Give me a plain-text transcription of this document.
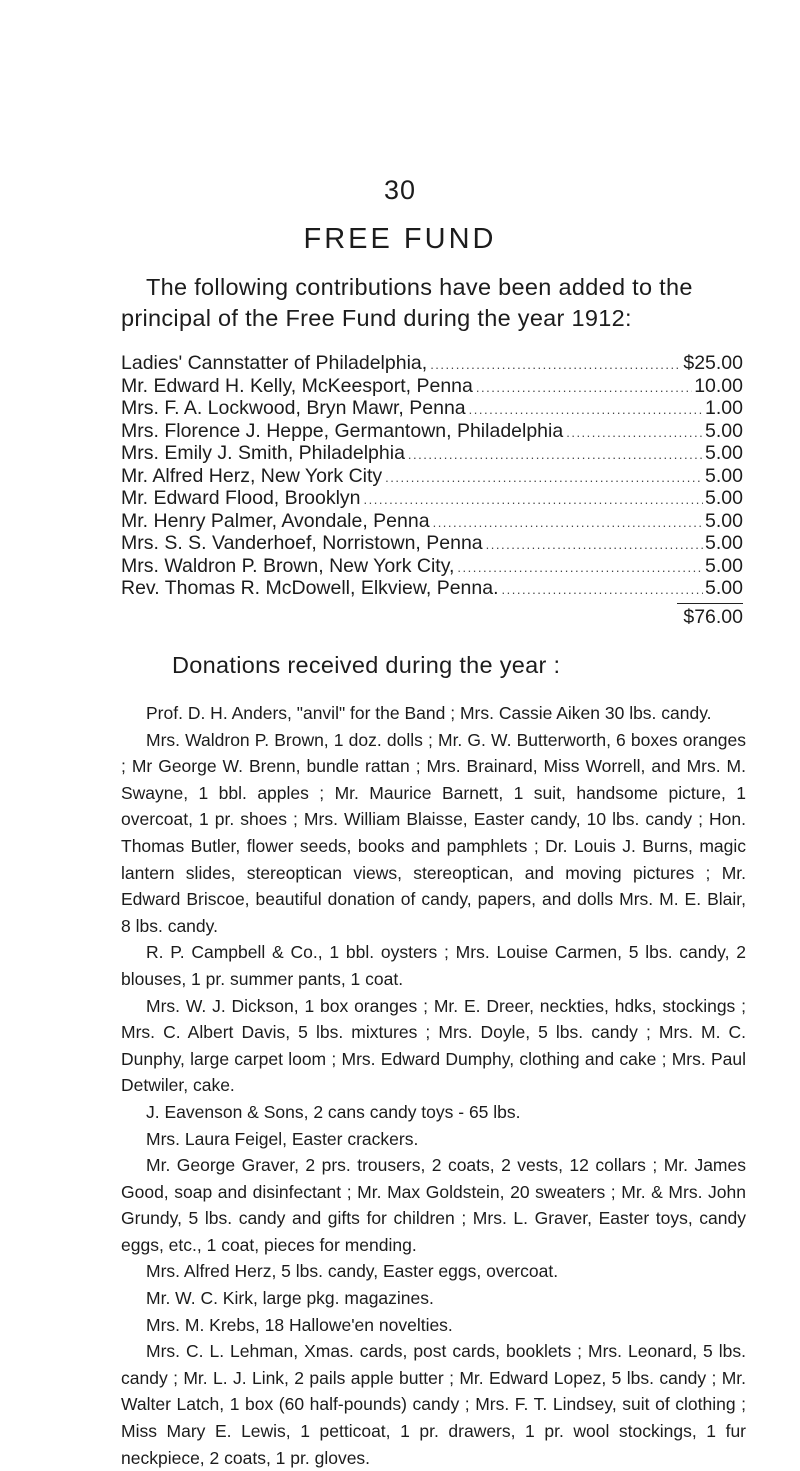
30
FREE FUND

The following contributions have been added to the principal of the Free Fund during the year 1912:

Ladies' Cannstatter of Philadelphia, .....	$25.00
Mr. Edward H. Kelly, McKeesport, Penna .....	10.00
Mrs. F. A. Lockwood, Bryn Mawr, Penna .....	1.00
Mrs. Florence J. Heppe, Germantown, Philadelphia .....	5.00
Mrs. Emily J. Smith, Philadelphia .....	5.00
Mr. Alfred Herz, New York City .....	5.00
Mr. Edward Flood, Brooklyn .....	5.00
Mr. Henry Palmer, Avondale, Penna .....	5.00
Mrs. S. S. Vanderhoef, Norristown, Penna .....	5.00
Mrs. Waldron P. Brown, New York City, .....	5.00
Rev. Thomas R. McDowell, Elkview, Penna. .....	5.00
$76.00
Donations received during the year :

Prof. D. H. Anders, "anvil" for the Band ; Mrs. Cassie Aiken 30 lbs. candy.

Mrs. Waldron P. Brown, 1 doz. dolls ; Mr. G. W. Butterworth, 6 boxes oranges ; Mr George W. Brenn, bundle rattan ; Mrs. Brainard, Miss Worrell, and Mrs. M. Swayne, 1 bbl. apples ; Mr. Maurice Barnett, 1 suit, handsome picture, 1 overcoat, 1 pr. shoes ; Mrs. William Blaisse, Easter candy, 10 lbs. candy ; Hon. Thomas Butler, flower seeds, books and pamphlets ; Dr. Louis J. Burns, magic lantern slides, stereoptican views, stereoptican, and moving pictures ; Mr. Edward Briscoe, beautiful donation of candy, papers, and dolls Mrs. M. E. Blair, 8 lbs. candy.

R. P. Campbell & Co., 1 bbl. oysters ; Mrs. Louise Carmen, 5 lbs. candy, 2 blouses, 1 pr. summer pants, 1 coat.

Mrs. W. J. Dickson, 1 box oranges ; Mr. E. Dreer, neckties, hdks, stockings ; Mrs. C. Albert Davis, 5 lbs. mixtures ; Mrs. Doyle, 5 lbs. candy ; Mrs. M. C. Dunphy, large carpet loom ; Mrs. Edward Dumphy, clothing and cake ; Mrs. Paul Detwiler, cake.

J. Eavenson & Sons, 2 cans candy toys - 65 lbs.

Mrs. Laura Feigel, Easter crackers.

Mr. George Graver, 2 prs. trousers, 2 coats, 2 vests, 12 collars ; Mr. James Good, soap and disinfectant ; Mr. Max Goldstein, 20 sweaters ; Mr. & Mrs. John Grundy, 5 lbs. candy and gifts for children ; Mrs. L. Graver, Easter toys, candy eggs, etc., 1 coat, pieces for mending.

Mrs. Alfred Herz, 5 lbs. candy, Easter eggs, overcoat.

Mr. W. C. Kirk, large pkg. magazines.

Mrs. M. Krebs, 18 Hallowe'en novelties.

Mrs. C. L. Lehman, Xmas. cards, post cards, booklets ; Mrs. Leonard, 5 lbs. candy ; Mr. L. J. Link, 2 pails apple butter ; Mr. Edward Lopez, 5 lbs. candy ; Mr. Walter Latch, 1 box (60 half-pounds) candy ; Mrs. F. T. Lindsey, suit of clothing ; Miss Mary E. Lewis, 1 petticoat, 1 pr. drawers, 1 pr. wool stockings, 1 fur neckpiece, 2 coats, 1 pr. gloves.
